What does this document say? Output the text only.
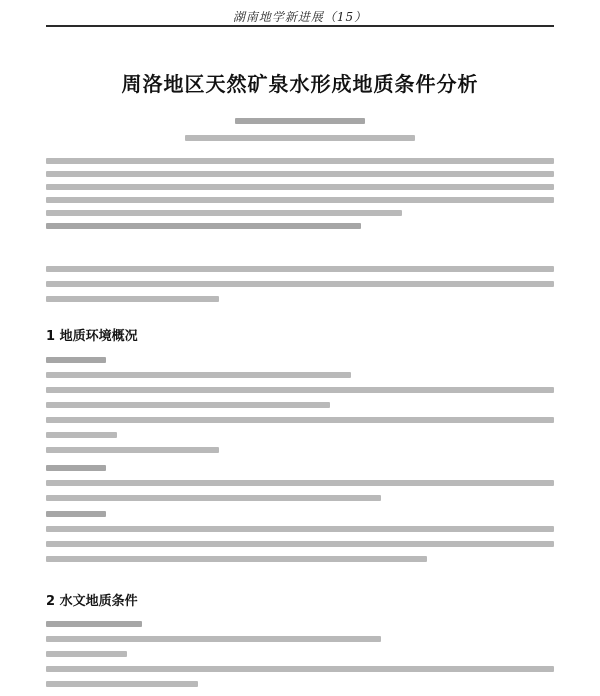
湖南地学新进展（15）
周洛地区天然矿泉水形成地质条件分析
1 地质环境概况
2 水文地质条件
